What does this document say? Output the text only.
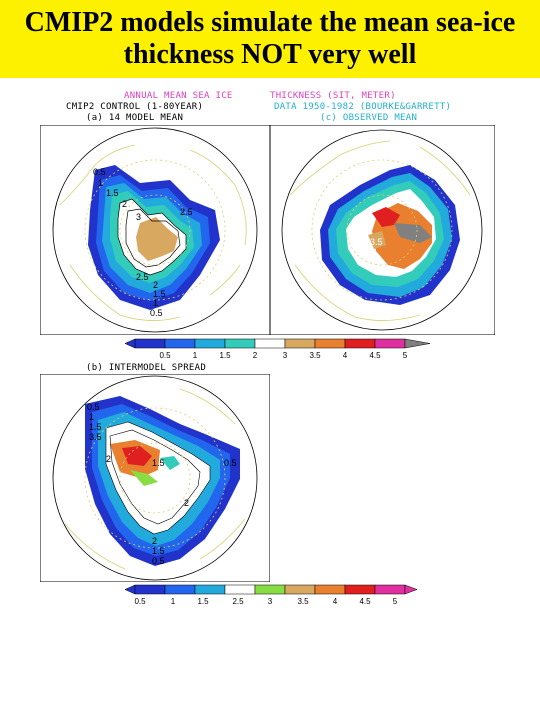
CMIP2 models simulate the mean sea-ice thickness NOT very well
ANNUAL MEAN SEA ICE	THICKNESS (SIT, METER)
CMIP2 CONTROL (1-80YEAR)	DATA 1950-1982 (BOURKE&GARRETT)
(a) 14 MODEL MEAN	(c) OBSERVED MEAN
(b) INTERMODEL SPREAD
0.5
1
1.5
2
3	2.5
2.5
2
1.5
1
0.5
3.5
0.5	1	1.5	2	3	3.5	4	4.5	5
0.5
1
1.5
3.5
2	1.5	0.5
2
2
1.5
0.5
0.5	1	1.5	2.5	3	3.5	4	4.5	5
